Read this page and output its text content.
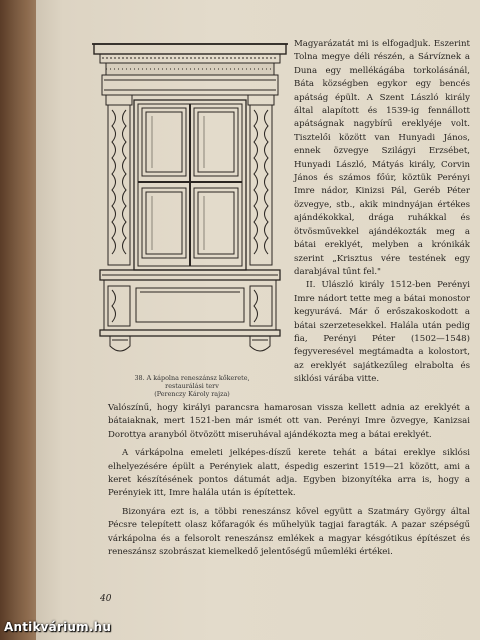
38. A kápolna reneszánsz kőkerete,
restaurálási terv
(Perenczy Károly rajza)

Magyarázatát mi is elfogadjuk. Eszerint Tolna megye déli részén, a Sárvíznek a Duna egy mellékágába torkolásánál, Báta községben egykor egy bencés apátság épült. A Szent László király által alapított és 1539-ig fennállott apátságnak nagybírű ereklyéje volt. Tisztelői között van Hunyadi János, ennek özvegye Szilágyi Erzsébet, Hunyadi László, Mátyás király, Corvin János és számos főúr, köztük Perényi Imre nádor, Kinizsi Pál, Geréb Péter özvegye, stb., akik mindnyájan értékes ajándékokkal, drága ruhákkal és ötvösművekkel ajándékozták meg a bátai ereklyét, melyben a krónikák szerint „Krisztus vére testének egy darabjával tűnt fel."

II. Ulászló király 1512-ben Perényi Imre nádort tette meg a bátai monostor kegyurává. Már ő erőszakoskodott a bátai szerzetesekkel. Halála után pedig fia, Perényi Péter (1502—1548) fegyveresével megtámadta a kolostort, az ereklyét sajátkezűleg elrabolta és siklósi várába vitte.

Valószínű, hogy királyi parancsra hamarosan vissza kellett adnia az ereklyét a bátaiaknak, mert 1521-ben már ismét ott van. Perényi Imre özvegye, Kanizsai Dorottya aranyból ötvözött miseruhával ajándékozta meg a bátai ereklyét.

A várkápolna emeleti jelképes-díszű kerete tehát a bátai ereklye siklósi elhelyezésére épült a Perényiek alatt, éspedig eszerint 1519—21 között, ami a keret készítésének pontos dátumát adja. Egyben bizonyítéka arra is, hogy a Perényiek itt, Imre halála után is építettek.

Bizonyára ezt is, a többi reneszánsz kővel együtt a Szatmáry György által Pécsre telepített olasz kőfaragók és műhelyük tagjai faragták. A pazar szépségű várkápolna és a felsorolt reneszánsz emlékek a magyar késgótikus építészet és reneszánsz szobrászat kiemelkedő jelentőségű műemléki értékei.

40
Antikvárium.hu
